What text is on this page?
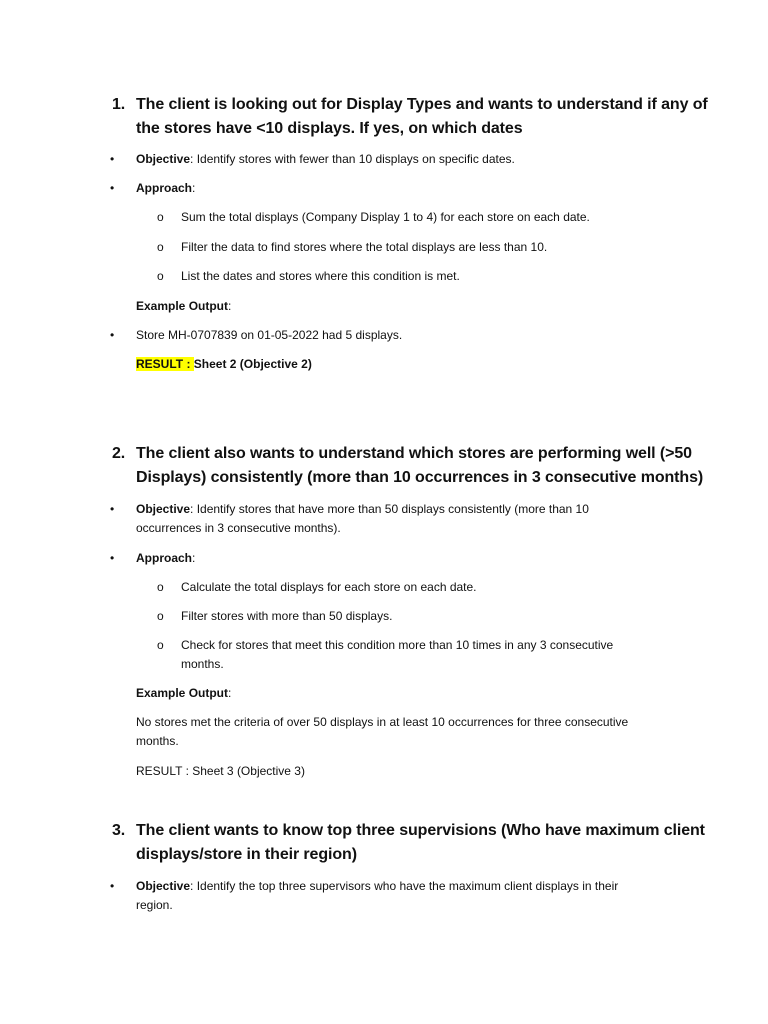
1. The client is looking out for Display Types and wants to understand if any of the stores have <10 displays. If yes, on which dates
• Objective: Identify stores with fewer than 10 displays on specific dates.
• Approach:
o Sum the total displays (Company Display 1 to 4) for each store on each date.
o Filter the data to find stores where the total displays are less than 10.
o List the dates and stores where this condition is met.
Example Output:
• Store MH-0707839 on 01-05-2022 had 5 displays.
RESULT : Sheet 2 (Objective 2)
2. The client also wants to understand which stores are performing well (>50 Displays) consistently (more than 10 occurrences in 3 consecutive months)
• Objective: Identify stores that have more than 50 displays consistently (more than 10 occurrences in 3 consecutive months).
• Approach:
o Calculate the total displays for each store on each date.
o Filter stores with more than 50 displays.
o Check for stores that meet this condition more than 10 times in any 3 consecutive months.
Example Output:
No stores met the criteria of over 50 displays in at least 10 occurrences for three consecutive months.
RESULT : Sheet 3 (Objective 3)
3. The client wants to know top three supervisions (Who have maximum client displays/store in their region)
• Objective: Identify the top three supervisors who have the maximum client displays in their region.
